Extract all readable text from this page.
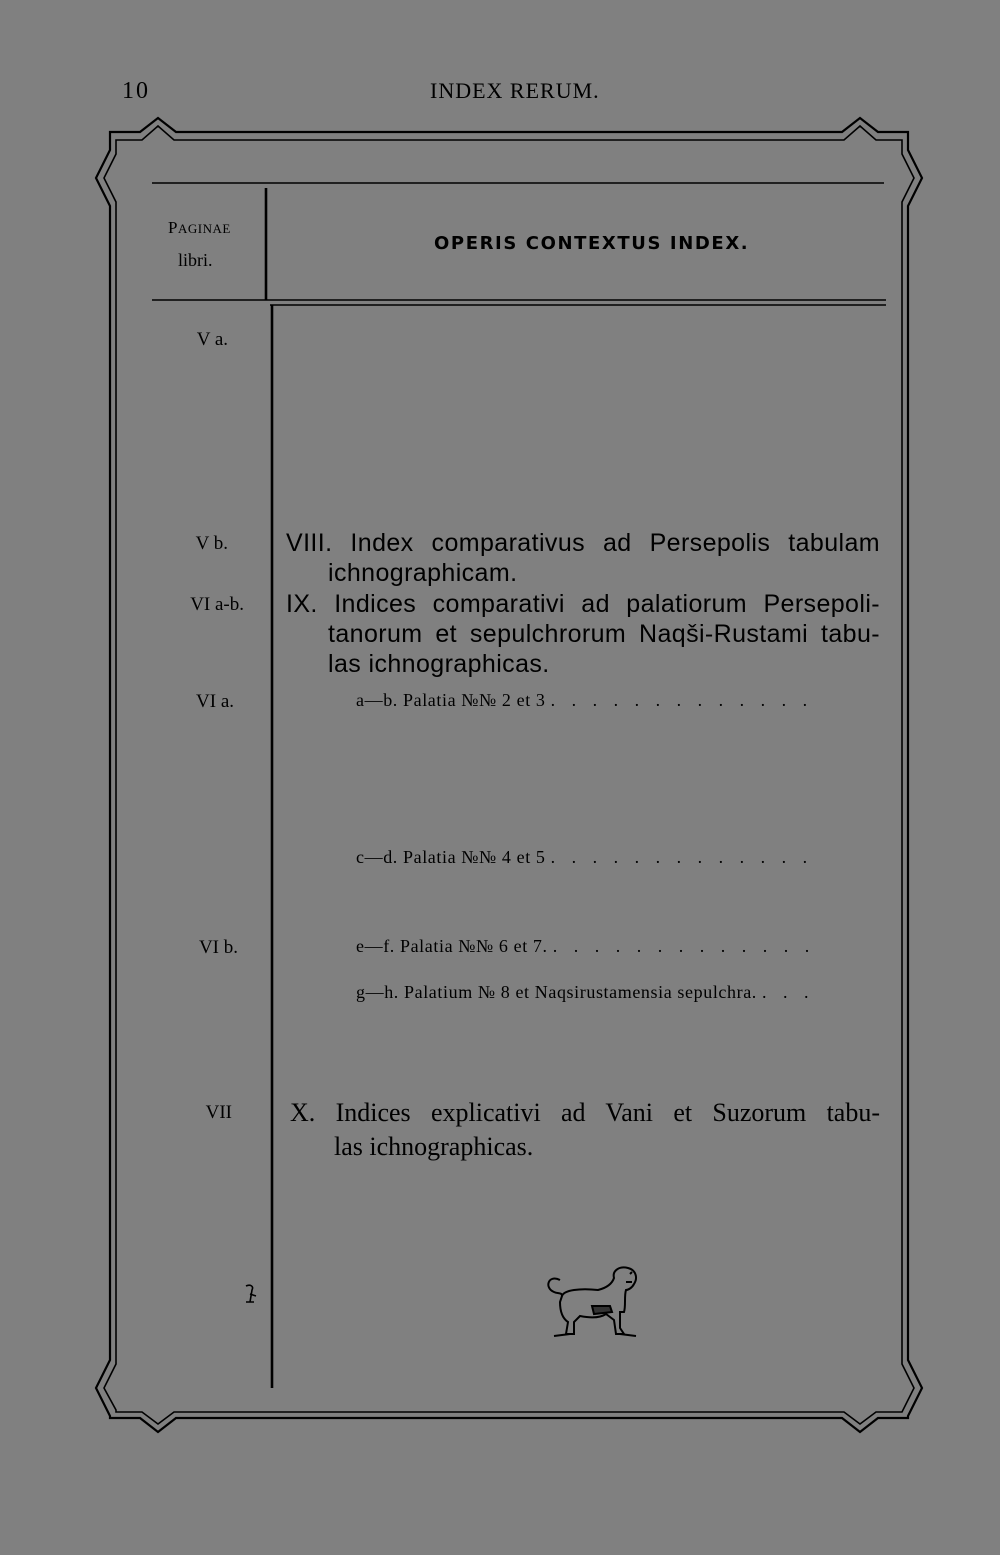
10	INDEX RERUM.
PAGINAE
libri.
OPERIS CONTEXTUS INDEX.
V a.
V b.
VI a-b.
VI a.
VI b.
VII
VIII. Index comparativus ad Persepolis tabulam
ichnographicam.
IX. Indices comparativi ad palatiorum Persepoli-
tanorum et sepulchrorum Naqši-Rustami tabu-
las ichnographicas.
a—b. Palatia №№ 2 et 3 . . . . . . . . . . . . .
c—d. Palatia №№ 4 et 5 . . . . . . . . . . . . .
e—f. Palatia №№ 6 et 7. . . . . . . . . . . . . .
g—h. Palatium № 8 et Naqsirustamensia sepulchra. . . .
X. Indices explicativi ad Vani et Suzorum tabu-
las ichnographicas.
